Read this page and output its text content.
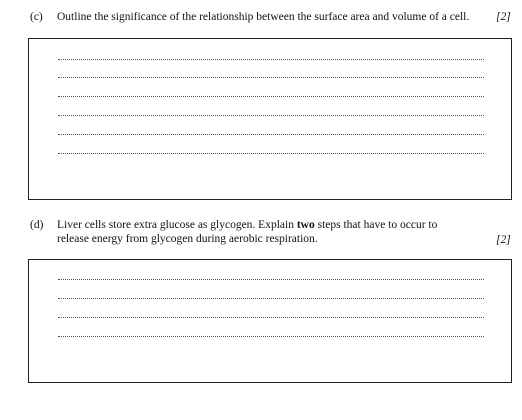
(c) Outline the significance of the relationship between the surface area and volume of a cell.	[2]
(d) Liver cells store extra glucose as glycogen. Explain two steps that have to occur to
release energy from glycogen during aerobic respiration.	[2]
